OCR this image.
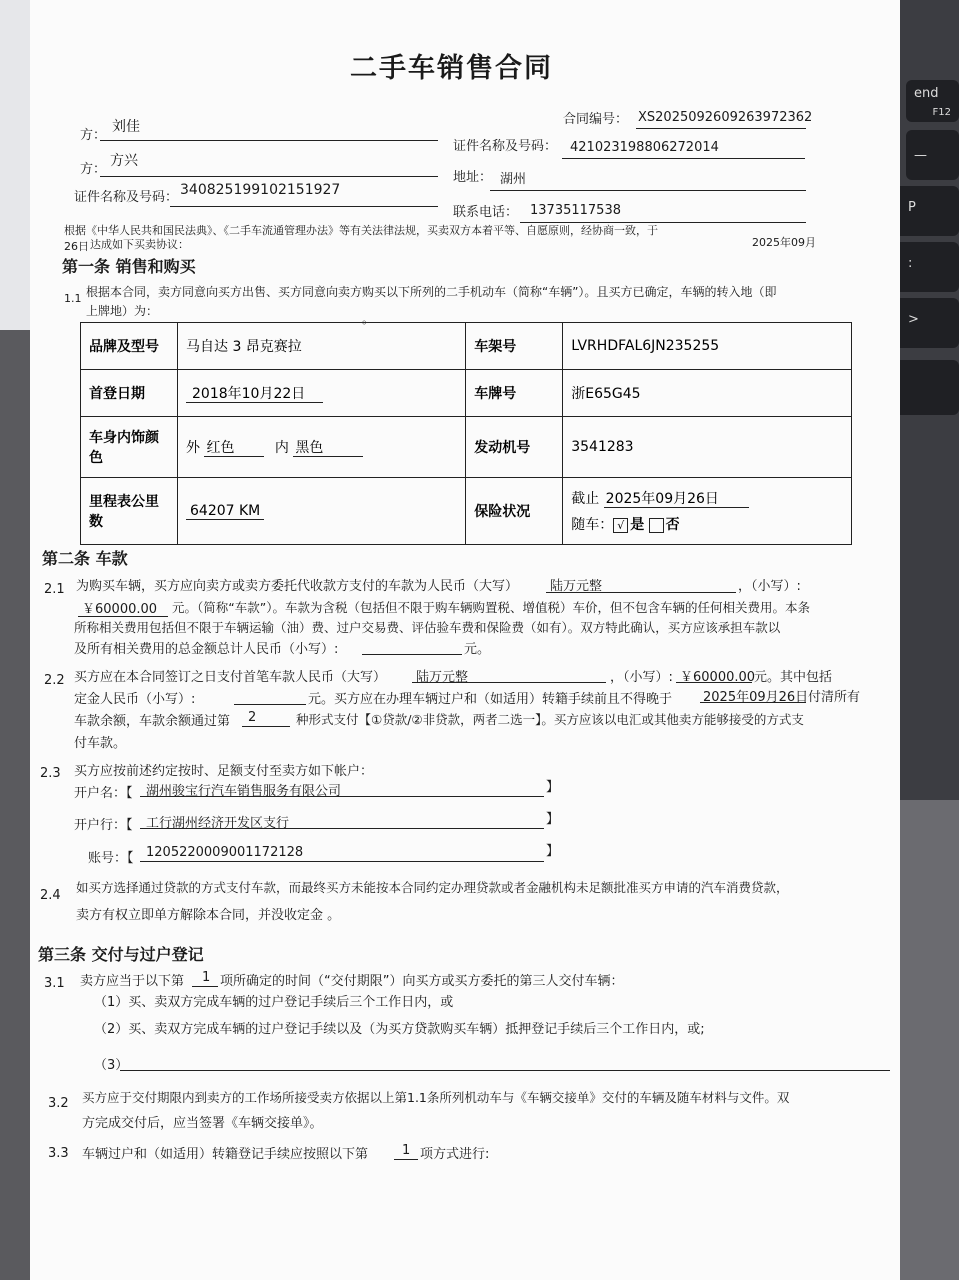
end
F12
—
P
:
>
二手车销售合同
合同编号： XS2025092609263972362
方：
刘佳
证件名称及号码： 421023198806272014
方：
方兴
地址： 湖州
证件名称及号码： 340825199102151927
联系电话： 13735117538
根据《中华人民共和国民法典》、《二手车流通管理办法》等有关法律法规，买卖双方本着平等、自愿原则，经协商一致，于
2025年09月
26日 达成如下买卖协议：
第一条 销售和购买
1.1 根据本合同，卖方同意向买方出售、买方同意向卖方购买以下所列的二手机动车（简称“车辆”）。且买方已确定，车辆的转入地（即
上牌地）为：
。
品牌及型号	马自达 3 昂克赛拉	车架号	LVRHDFAL6JN235255
首登日期	2018年10月22日	车牌号	浙E65G45
车身内饰颜色	外 红色 内 黑色	发动机号	3541283
里程表公里数	64207 KM	保险状况	截止 2025年09月26日
随车： √ 是 否
第二条 车款
2.1 为购买车辆，买方应向卖方或卖方委托代收款方支付的车款为人民币（大写） 陆万元整	，（小写）:
￥60000.00 元。（简称“车款”）。车款为含税（包括但不限于购车辆购置税、增值税）车价，但不包含车辆的任何相关费用。本条
所称相关费用包括但不限于车辆运输（油）费、过户交易费、评估验车费和保险费（如有）。双方特此确认，买方应该承担车款以
及所有相关费用的总金额总计人民币（小写）:	元。
2.2 买方应在本合同签订之日支付首笔车款人民币（大写） 陆万元整	，（小写）: ￥60000.00
元。其中包括
定金人民币（小写）:	元。买方应在办理车辆过户和（如适用）转籍手续前且不得晚于 2025年09月26日 付清所有
车款余额，车款余额通过第 2	种形式支付【①贷款/②非贷款，两者二选一】。买方应该以电汇或其他卖方能够接受的方式支
付车款。
2.3 买方应按前述约定按时、足额支付至卖方如下帐户：
开户名：【 湖州骏宝行汽车销售服务有限公司	】
开户行：【 工行湖州经济开发区支行	】
账号：【 1205220009001172128	】
2.4
如买方选择通过贷款的方式支付车款，而最终买方未能按本合同约定办理贷款或者金融机构未足额批准买方申请的汽车消费贷款，
卖方有权立即单方解除本合同，并没收定金 。
第三条 交付与过户登记
3.1 卖方应当于以下第 1 项所确定的时间（“交付期限”）向买方或买方委托的第三人交付车辆：
（1）买、卖双方完成车辆的过户登记手续后三个工作日内，或
（2）买、卖双方完成车辆的过户登记手续以及（为买方贷款购买车辆）抵押登记手续后三个工作日内，或;
（3）
3.2 买方应于交付期限内到卖方的工作场所接受卖方依据以上第1.1条所列机动车与《车辆交接单》交付的车辆及随车材料与文件。双
方完成交付后，应当签署《车辆交接单》。
3.3 车辆过户和（如适用）转籍登记手续应按照以下第	1 项方式进行:
